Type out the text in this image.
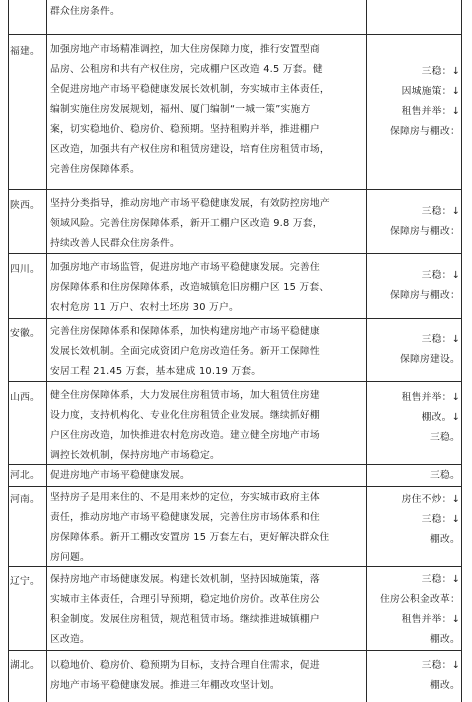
群众住房条件。
福建。 加强房地产市场精准调控，加大住房保障力度，推行安置型商
品房、公租房和共有产权住房，完成棚户区改造 4.5 万套。健
全促进房地产市场平稳健康发展长效机制，夯实城市主体责任，
编制实施住房发展规划，福州、厦门编制“一城一策”实施方
案，切实稳地价、稳房价、稳预期。坚持租购并举，推进棚户
区改造，加强共有产权住房和租赁房建设，培育住房租赁市场，
完善住房保障体系。
三稳：↓
因城施策：↓
租售并举：↓
保障房与棚改：
陕西。 坚持分类指导，推动房地产市场平稳健康发展，有效防控房地产
领域风险。完善住房保障体系，新开工棚户区改造 9.8 万套，
持续改善人民群众住房条件。
三稳：↓
保障房与棚改：
四川。 加强房地产市场监管，促进房地产市场平稳健康发展。完善住
房保障体系和住房保障体系，改造城镇危旧房棚户区 15 万套、
农村危房 11 万户、农村土坯房 30 万户。
三稳：↓
保障房与棚改：
安徽。 完善住房保障体系和保障体系，加快构建房地产市场平稳健康
发展长效机制。全面完成资团户危房改造任务。新开工保障性
安居工程 21.45 万套，基本建成 10.19 万套。
三稳：↓
保障房建设。
山西。 健全住房保障体系，大力发展住房租赁市场，加大租赁住房建
设力度，支持机构化、专业化住房租赁企业发展。继续抓好棚
户区住房改造，加快推进农村危房改造。建立健全房地产市场
调控长效机制，保持房地产市场稳定。
租售并举：↓
棚改。↓
三稳。
河北。 促进房地产市场平稳健康发展。	三稳。
河南。 坚持房子是用来住的、不是用来炒的定位，夯实城市政府主体
责任，推动房地产市场平稳健康发展，完善住房市场体系和住
房保障体系。新开工棚改安置房 15 万套左右，更好解决群众住
房问题。
房住不炒：↓
三稳：↓
棚改。
辽宁。 保持房地产市场健康发展。构建长效机制，坚持因城施策，落
实城市主体责任，合理引导预期，稳定地价房价。改革住房公
积金制度。发展住房租赁，规范租赁市场。继续推进城镇棚户
区改造。
三稳：↓
住房公积金改革：
租售并举：↓
棚改。
湖北。 以稳地价、稳房价、稳预期为目标，支持合理自住需求，促进
房地产市场平稳健康发展。推进三年棚改攻坚计划。
三稳：↓
棚改。
